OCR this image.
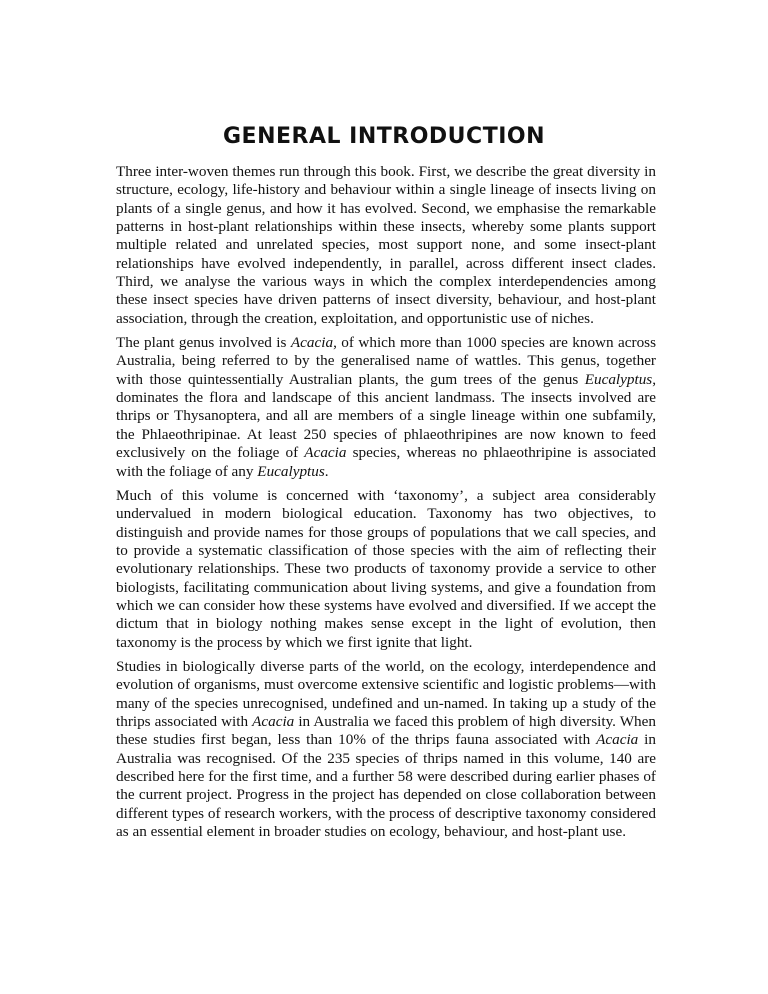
GENERAL INTRODUCTION

Three inter-woven themes run through this book. First, we describe the great diversity in structure, ecology, life-history and behaviour within a single lineage of insects living on plants of a single genus, and how it has evolved. Second, we emphasise the remarkable patterns in host-plant relationships within these insects, whereby some plants support multiple related and unrelated species, most support none, and some insect-plant relationships have evolved independently, in parallel, across different insect clades. Third, we analyse the various ways in which the complex interdependencies among these insect species have driven patterns of insect diversity, behaviour, and host-plant association, through the creation, exploitation, and opportunistic use of niches.

The plant genus involved is Acacia, of which more than 1000 species are known across Australia, being referred to by the generalised name of wattles. This genus, together with those quintessentially Australian plants, the gum trees of the genus Eucalyptus, dominates the flora and landscape of this ancient landmass. The insects involved are thrips or Thysanoptera, and all are members of a single lineage within one subfamily, the Phlaeothripinae. At least 250 species of phlaeothripines are now known to feed exclusively on the foliage of Acacia species, whereas no phlaeothripine is associated with the foliage of any Eucalyptus.

Much of this volume is concerned with ‘taxonomy’, a subject area considerably undervalued in modern biological education. Taxonomy has two objectives, to distinguish and provide names for those groups of populations that we call species, and to provide a systematic classification of those species with the aim of reflecting their evolutionary relationships. These two products of taxonomy provide a service to other biologists, facilitating communication about living systems, and give a foundation from which we can consider how these systems have evolved and diversified. If we accept the dictum that in biology nothing makes sense except in the light of evolution, then taxonomy is the process by which we first ignite that light.

Studies in biologically diverse parts of the world, on the ecology, interdependence and evolution of organisms, must overcome extensive scientific and logistic problems—with many of the species unrecognised, undefined and un-named. In taking up a study of the thrips associated with Acacia in Australia we faced this problem of high diversity. When these studies first began, less than 10% of the thrips fauna associated with Acacia in Australia was recognised. Of the 235 species of thrips named in this volume, 140 are described here for the first time, and a further 58 were described during earlier phases of the current project. Progress in the project has depended on close collaboration between different types of research workers, with the process of descriptive taxonomy considered as an essential element in broader studies on ecology, behaviour, and host-plant use.
